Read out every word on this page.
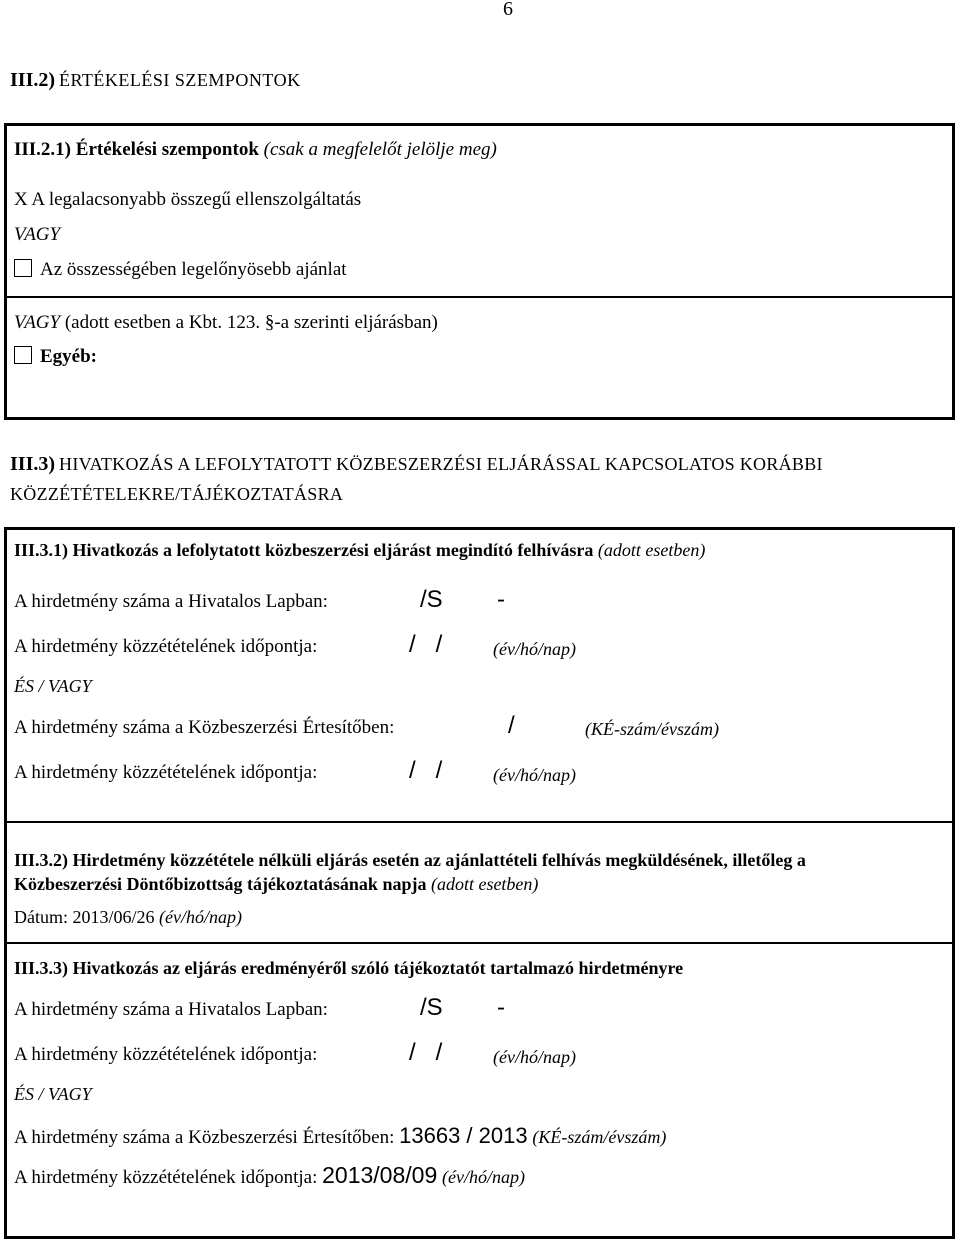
6
III.2) ÉRTÉKELÉSI SZEMPONTOK
III.2.1) Értékelési szempontok (csak a megfelelőt jelölje meg)
X A legalacsonyabb összegű ellenszolgáltatás
VAGY
Az összességében legelőnyösebb ajánlat
VAGY (adott esetben a Kbt. 123. §-a szerinti eljárásban)
Egyéb:
III.3) HIVATKOZÁS A LEFOLYTATOTT KÖZBESZERZÉSI ELJÁRÁSSAL KAPCSOLATOS KORÁBBI
KÖZZÉTÉTELEKRE/TÁJÉKOZTATÁSRA
III.3.1) Hivatkozás a lefolytatott közbeszerzési eljárást megindító felhívásra (adott esetben)
A hirdetmény száma a Hivatalos Lapban:	/S -
A hirdetmény közzétételének időpontja:	/   /	(év/hó/nap)
ÉS / VAGY
A hirdetmény száma a Közbeszerzési Értesítőben:	/	(KÉ-szám/évszám)
A hirdetmény közzétételének időpontja:	/   /	(év/hó/nap)
III.3.2) Hirdetmény közzététele nélküli eljárás esetén az ajánlattételi felhívás megküldésének, illetőleg a
Közbeszerzési Döntőbizottság tájékoztatásának napja (adott esetben)
Dátum: 2013/06/26 (év/hó/nap)
III.3.3) Hivatkozás az eljárás eredményéről szóló tájékoztatót tartalmazó hirdetményre
A hirdetmény száma a Hivatalos Lapban:	/S -
A hirdetmény közzétételének időpontja:	/   /	(év/hó/nap)
ÉS / VAGY
A hirdetmény száma a Közbeszerzési Értesítőben: 13663 / 2013 (KÉ-szám/évszám)
A hirdetmény közzétételének időpontja: 2013/08/09 (év/hó/nap)
